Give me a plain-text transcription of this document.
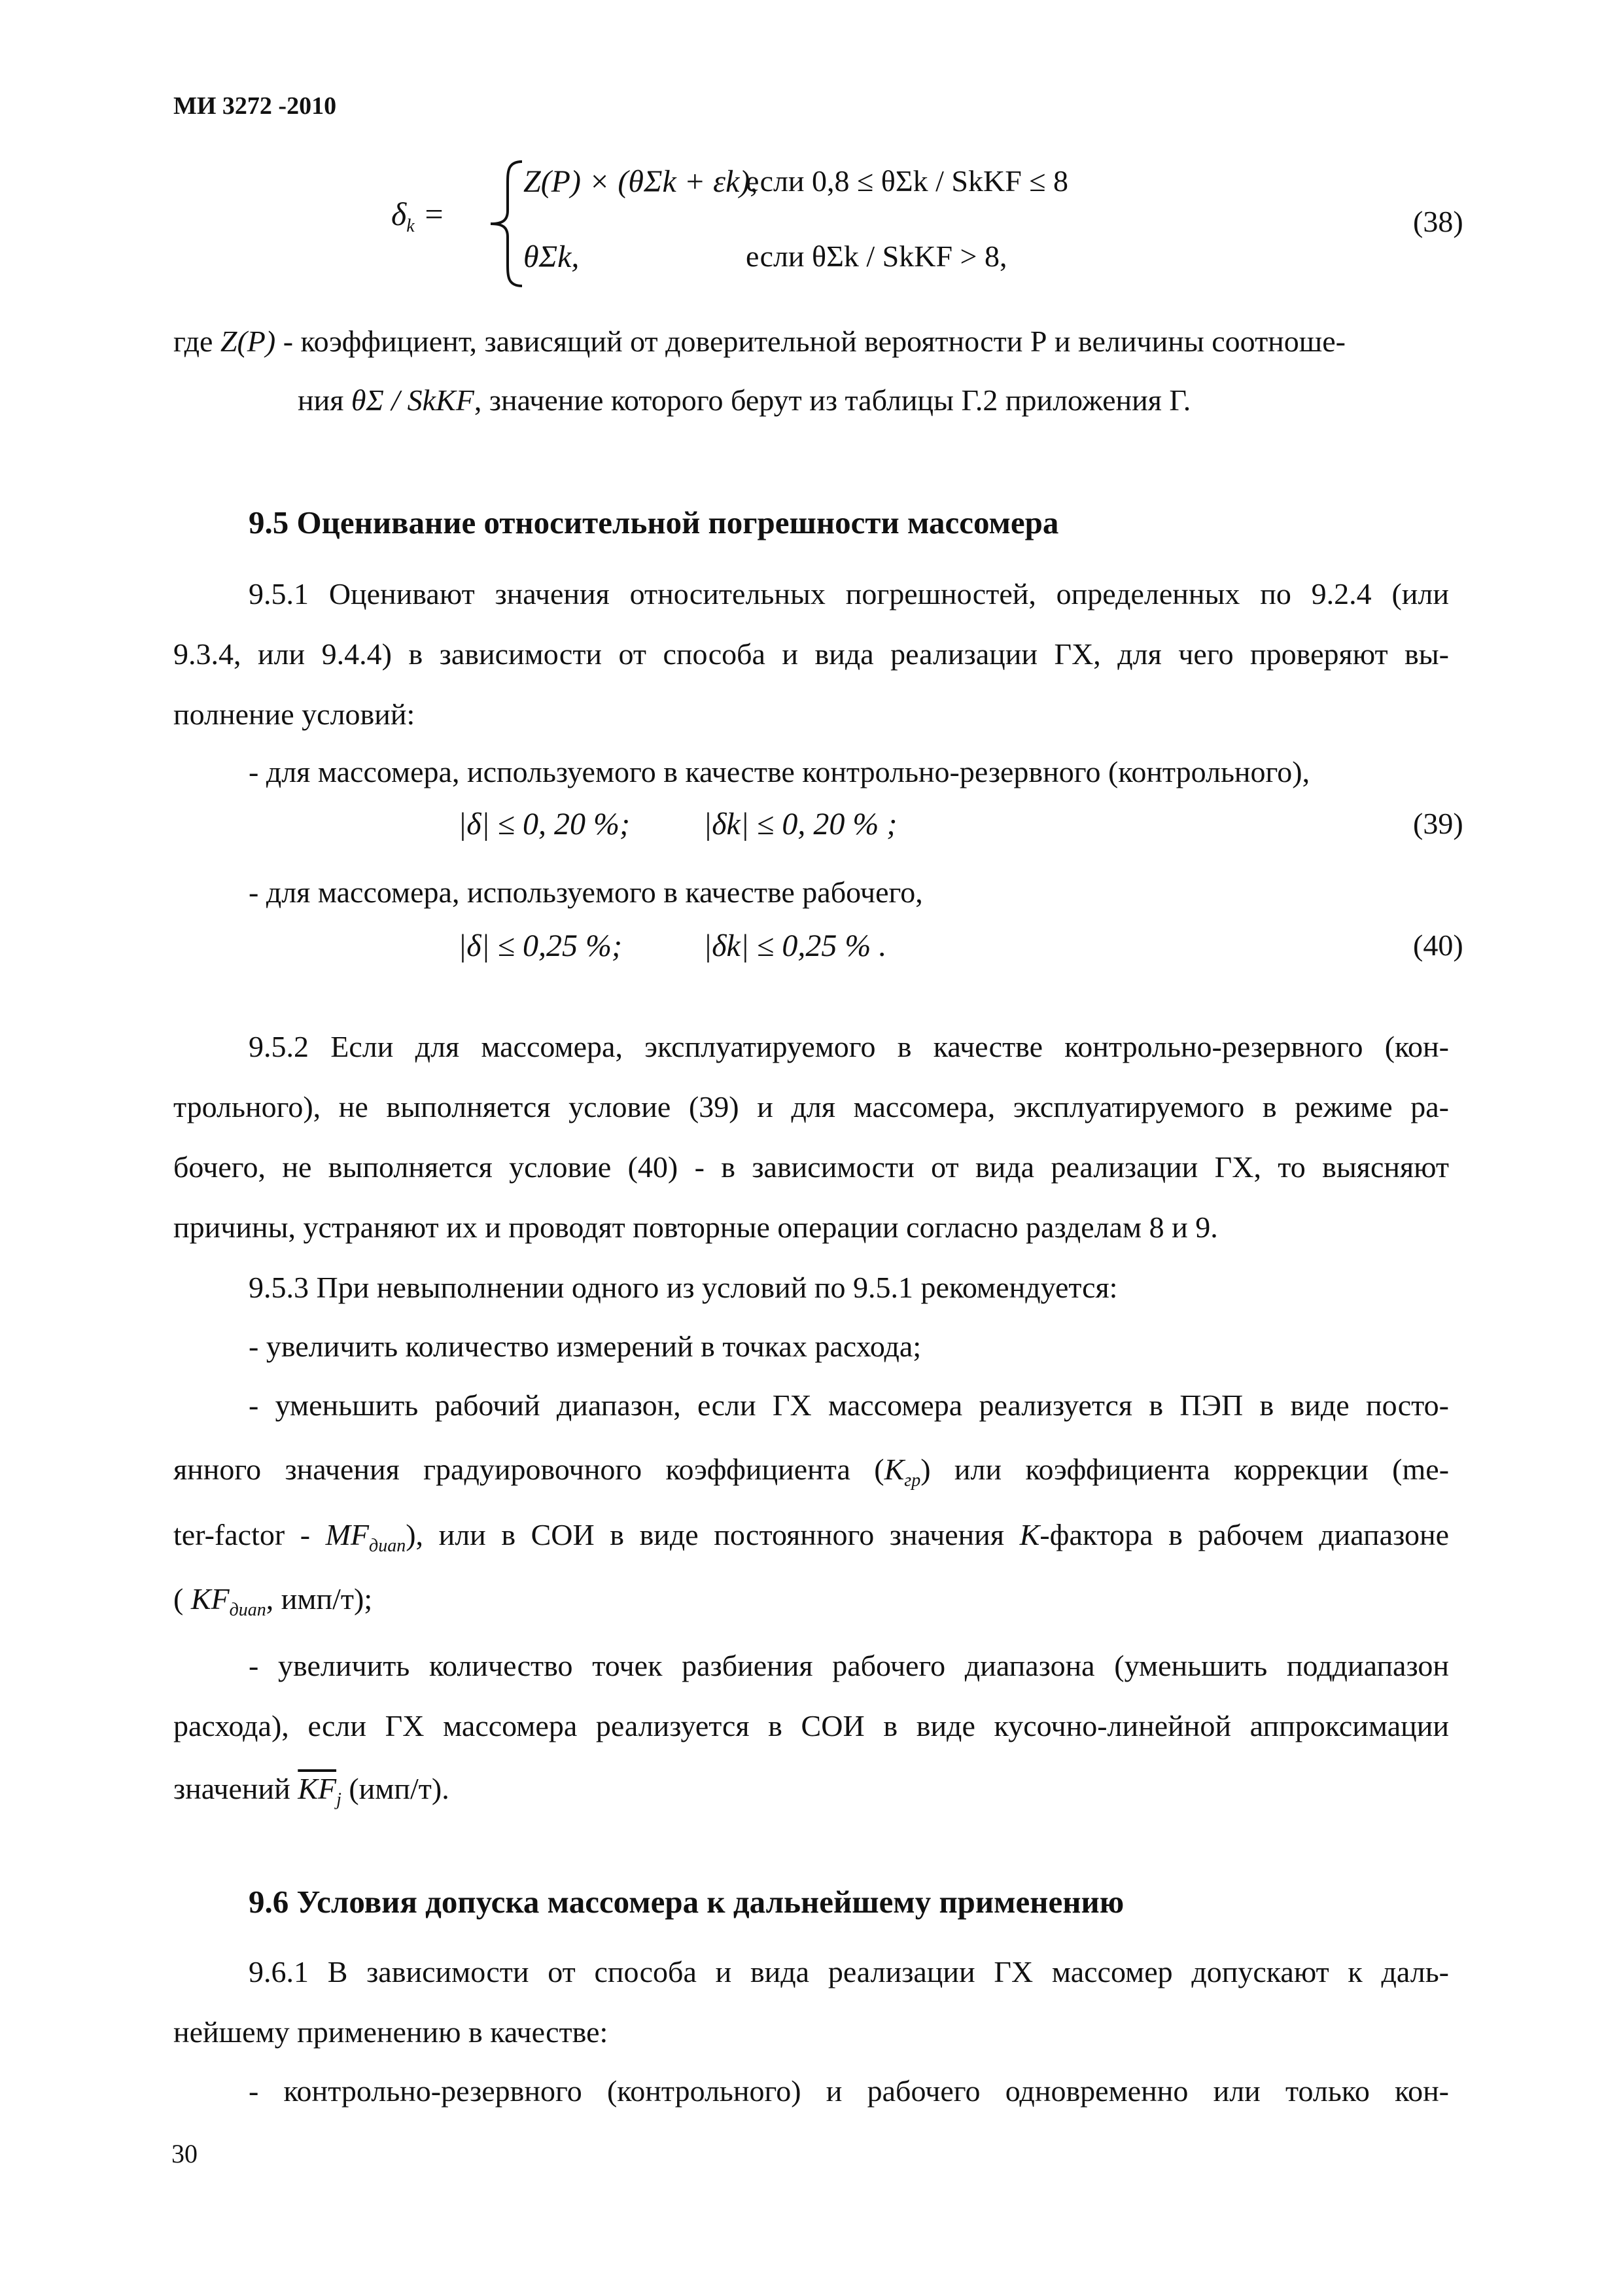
МИ 3272 -2010
$\delta_k$ =
Z(P) × (θΣk + εk),
если 0,8 ≤ θΣk / SkKF ≤ 8
θΣk,	если θΣk / SkKF > 8,
(38)
где Z(P) - коэффициент, зависящий от доверительной вероятности Р и величины соотноше-
ния θΣ / SkKF, значение которого берут из таблицы Г.2 приложения Г.
9.5 Оценивание относительной погрешности массомера
9.5.1 Оценивают значения относительных погрешностей, определенных по 9.2.4 (или
9.3.4, или 9.4.4) в зависимости от способа и вида реализации ГХ, для чего проверяют вы-
полнение условий:
- для массомера, используемого в качестве контрольно-резервного (контрольного),
|δ| ≤ 0, 20 %; |δk| ≤ 0, 20 % ;	(39)
- для массомера, используемого в качестве рабочего,
|δ| ≤ 0,25 %;	|δk| ≤ 0,25 % .	(40)
9.5.2 Если для массомера, эксплуатируемого в качестве контрольно-резервного (кон-
трольного), не выполняется условие (39) и для массомера, эксплуатируемого в режиме ра-
бочего, не выполняется условие (40) - в зависимости от вида реализации ГХ, то выясняют
причины, устраняют их и проводят повторные операции согласно разделам 8 и 9.
9.5.3 При невыполнении одного из условий по 9.5.1 рекомендуется:
- увеличить количество измерений в точках расхода;
- уменьшить рабочий диапазон, если ГХ массомера реализуется в ПЭП в виде посто-
янного значения градуировочного коэффициента $(K_{гр})$ или коэффициента коррекции (me-
ter-factor - $MF_{диап}$), или в СОИ в виде постоянного значения K-фактора в рабочем диапазоне
( $KF_{диап}$, имп/т);
- увеличить количество точек разбиения рабочего диапазона (уменьшить поддиапазон
расхода), если ГХ массомера реализуется в СОИ в виде кусочно-линейной аппроксимации
значений $\overline{KF}_j$ (имп/т).
9.6 Условия допуска массомера к дальнейшему применению
9.6.1 В зависимости от способа и вида реализации ГХ массомер допускают к даль-
нейшему применению в качестве:
- контрольно-резервного (контрольного) и рабочего одновременно или только кон-
30
